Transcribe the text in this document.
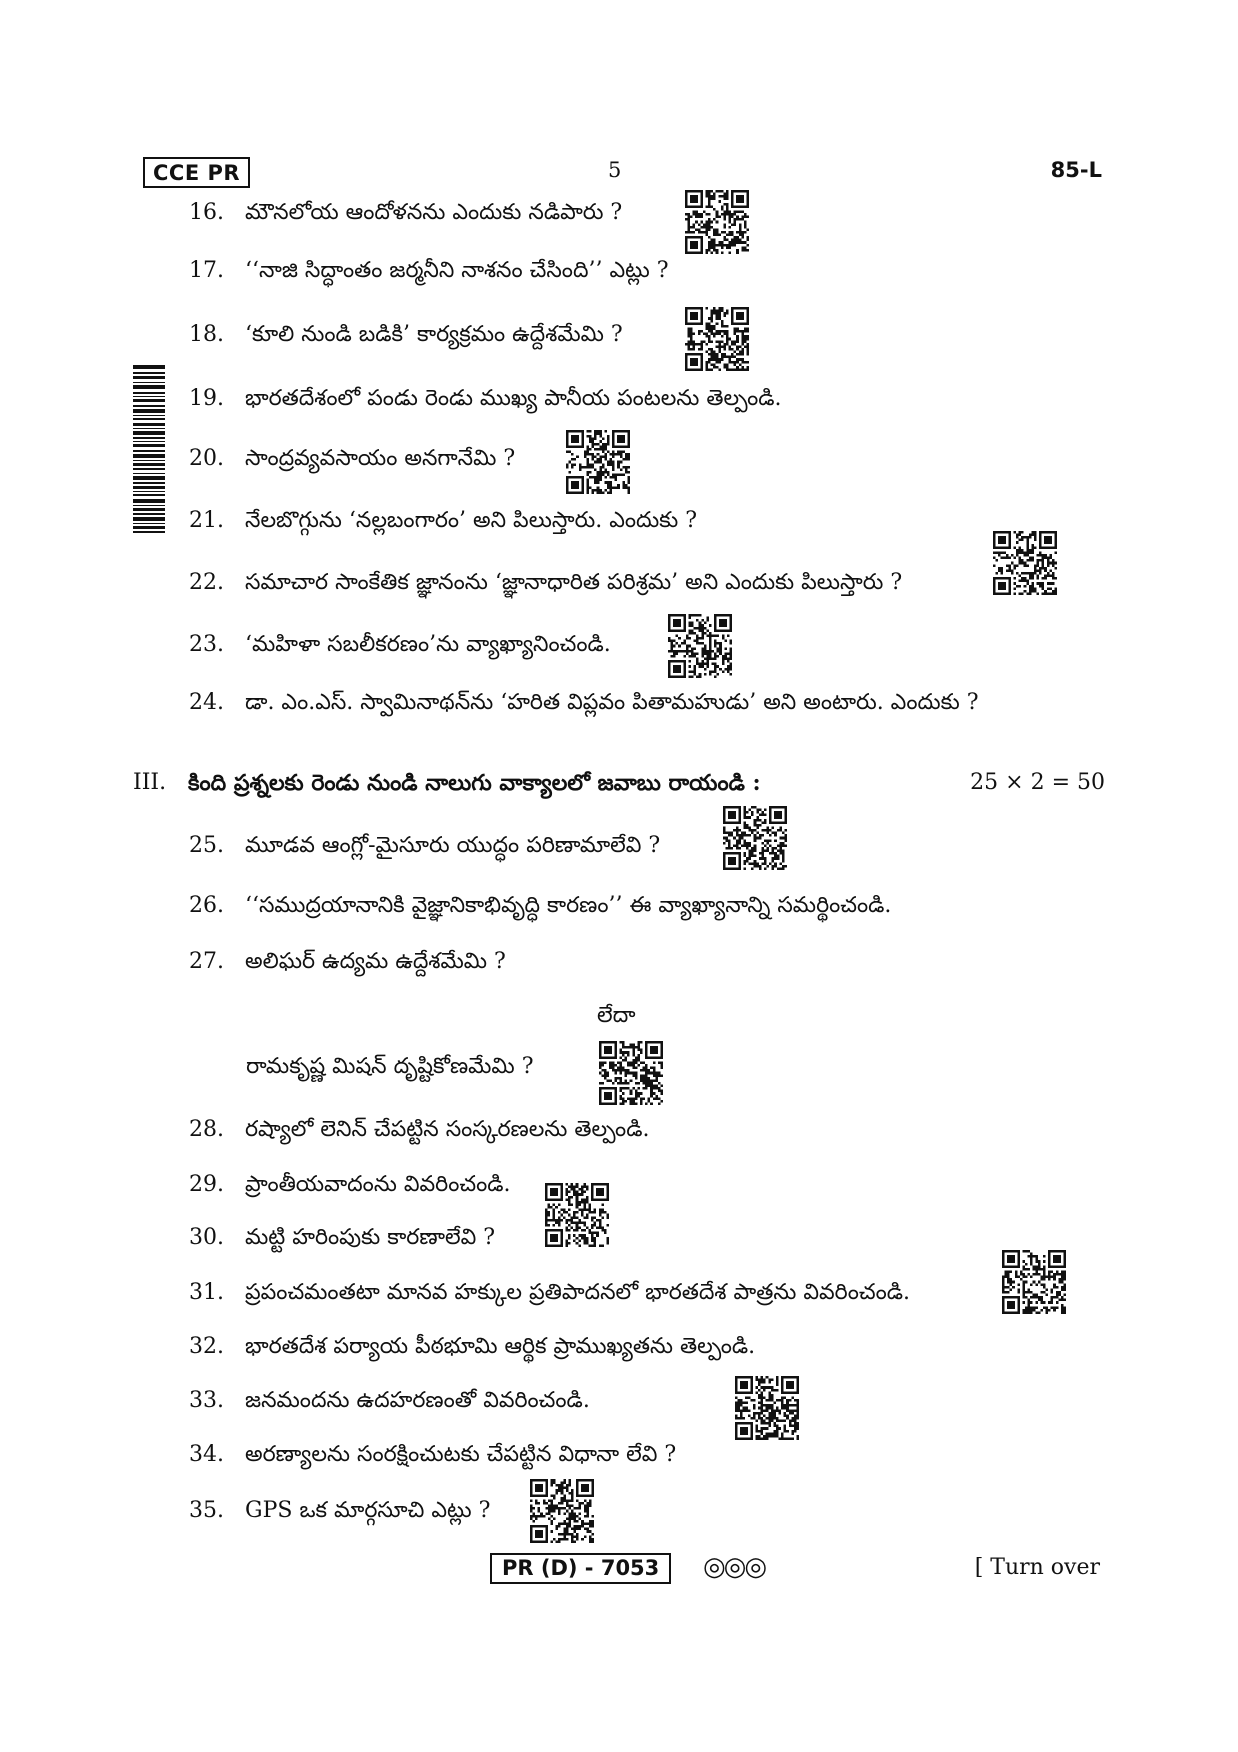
CCE PR	5	85-L
16. మౌనలోయ ఆందోళనను ఎందుకు నడిపారు ?
17. ‘‘నాజి సిద్ధాంతం జర్మనీని నాశనం చేసింది’’ ఎట్లు ?
18. ‘కూలి నుండి బడికి’ కార్యక్రమం ఉద్దేశమేమి ?
19. భారతదేశంలో పండు రెండు ముఖ్య పానీయ పంటలను తెల్పండి.
20. సాంద్రవ్యవసాయం అనగానేమి ?
21. నేలబొగ్గును ‘నల్లబంగారం’ అని పిలుస్తారు. ఎందుకు ?
22. సమాచార సాంకేతిక జ్ఞానంను ‘జ్ఞానాధారిత పరిశ్రమ’ అని ఎందుకు పిలుస్తారు ?
23. ‘మహిళా సబలీకరణం’ను వ్యాఖ్యానించండి.
24. డా. ఎం.ఎస్. స్వామినాథన్‌ను ‘హరిత విప్లవం పితామహుడు’ అని అంటారు. ఎందుకు ?
III. కింది ప్రశ్నలకు రెండు నుండి నాలుగు వాక్యాలలో జవాబు రాయండి :	25 × 2 = 50
25. మూడవ ఆంగ్లో-మైసూరు యుద్ధం పరిణామాలేవి ?
26. ‘‘సముద్రయానానికి వైజ్ఞానికాభివృద్ధి కారణం’’ ఈ వ్యాఖ్యానాన్ని సమర్థించండి.
27. అలిఘర్ ఉద్యమ ఉద్దేశమేమి ?
లేదా
రామకృష్ణ మిషన్ దృష్టికోణమేమి ?
28. రష్యాలో లెనిన్ చేపట్టిన సంస్కరణలను తెల్పండి.
29. ప్రాంతీయవాదంను వివరించండి.
30. మట్టి హరింపుకు కారణాలేవి ?
31. ప్రపంచమంతటా మానవ హక్కుల ప్రతిపాదనలో భారతదేశ పాత్రను వివరించండి.
32. భారతదేశ పర్యాయ పీఠభూమి ఆర్థిక ప్రాముఖ్యతను తెల్పండి.
33. జనమందను ఉదహరణంతో వివరించండి.
34. అరణ్యాలను సంరక్షించుటకు చేపట్టిన విధానా లేవి ?
35. GPS ఒక మార్గసూచి ఎట్లు ?
PR (D) - 7053	◎◎◎	[ Turn over
